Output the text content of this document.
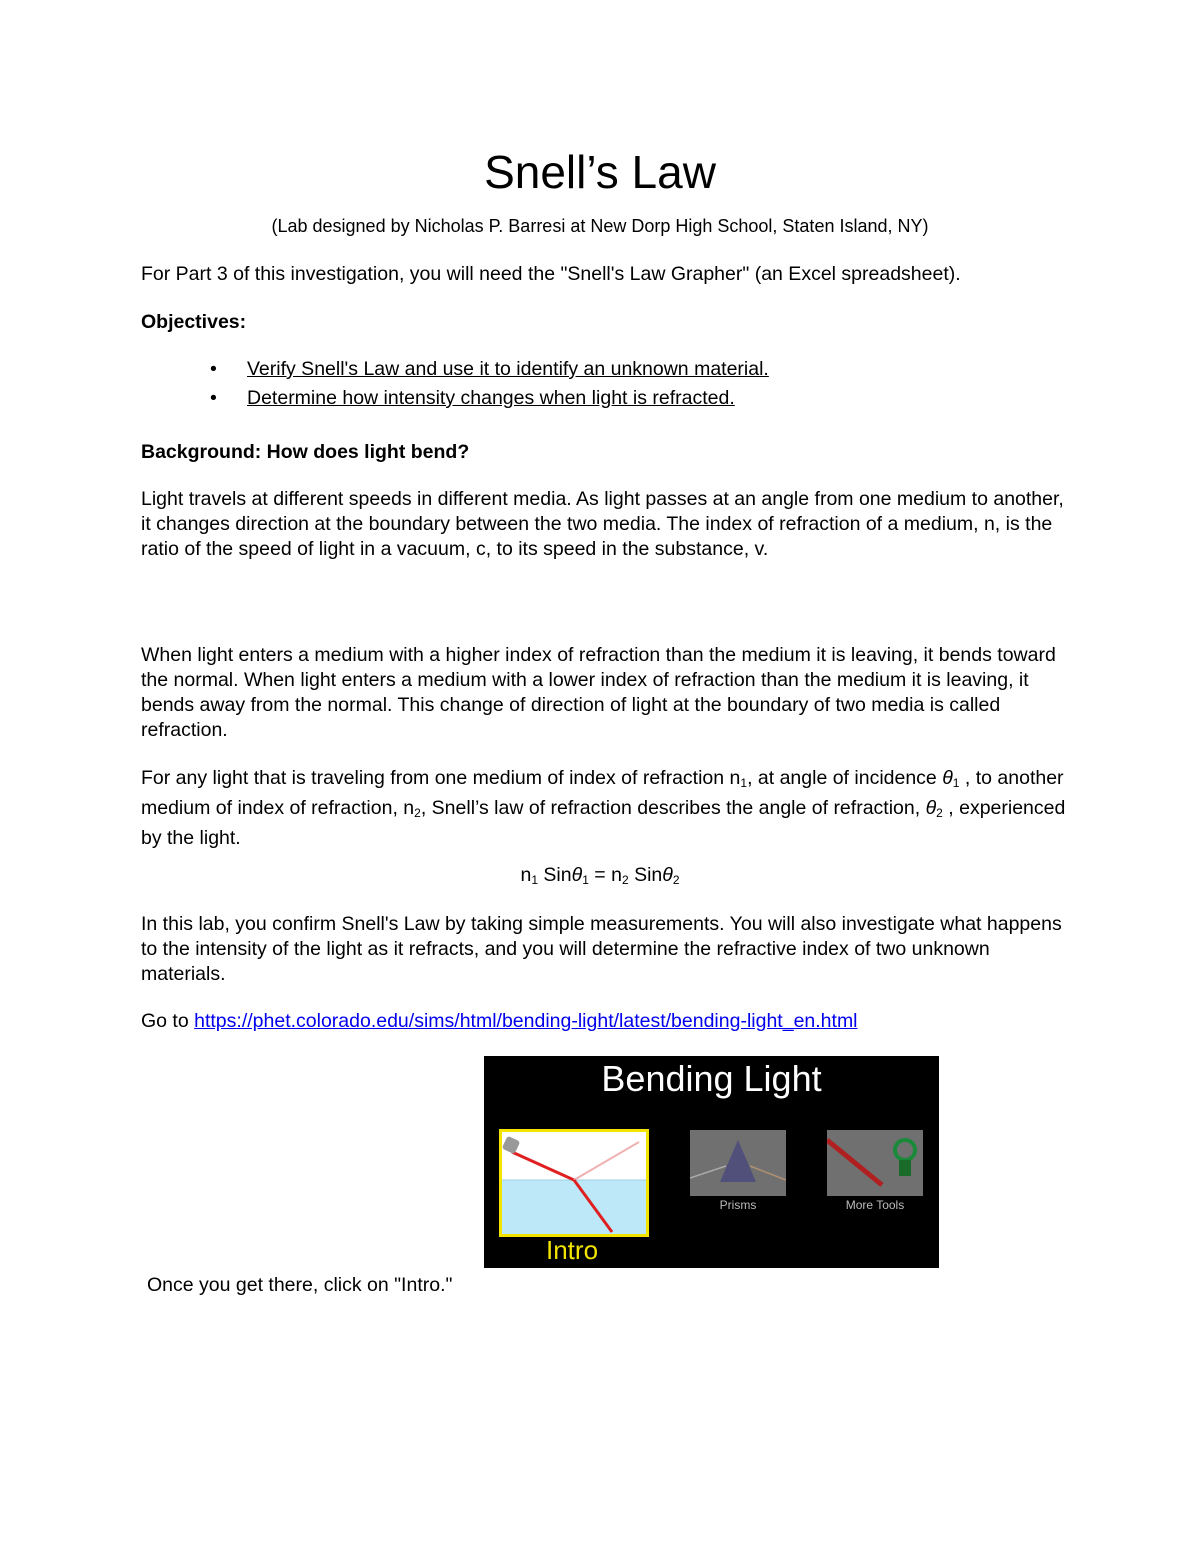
Snell’s Law
(Lab designed by Nicholas P. Barresi at New Dorp High School, Staten Island, NY)
For Part 3 of this investigation, you will need the "Snell's Law Grapher" (an Excel spreadsheet).
Objectives:
• Verify Snell's Law and use it to identify an unknown material.
• Determine how intensity changes when light is refracted.
Background: How does light bend?
Light travels at different speeds in different media. As light passes at an angle from one medium to another, it changes direction at the boundary between the two media. The index of refraction of a medium, n, is the ratio of the speed of light in a vacuum, c, to its speed in the substance, v.
When light enters a medium with a higher index of refraction than the medium it is leaving, it bends toward the normal. When light enters a medium with a lower index of refraction than the medium it is leaving, it bends away from the normal. This change of direction of light at the boundary of two media is called refraction.
For any light that is traveling from one medium of index of refraction $n_1$, at angle of incidence $\theta_1$ , to another medium of index of refraction, $n_2$, Snell’s law of refraction describes the angle of refraction, $\theta_2$ , experienced by the light.
$n_1$ $Sin\theta_1 = n_2$ Sinθ$_2$
In this lab, you confirm Snell's Law by taking simple measurements. You will also investigate what happens to the intensity of the light as it refracts, and you will determine the refractive index of two unknown materials.
Go to https://phet.colorado.edu/sims/html/bending-light/latest/bending-light_en.html
Bending Light
Intro
Prisms	More Tools
Once you get there, click on "Intro."
